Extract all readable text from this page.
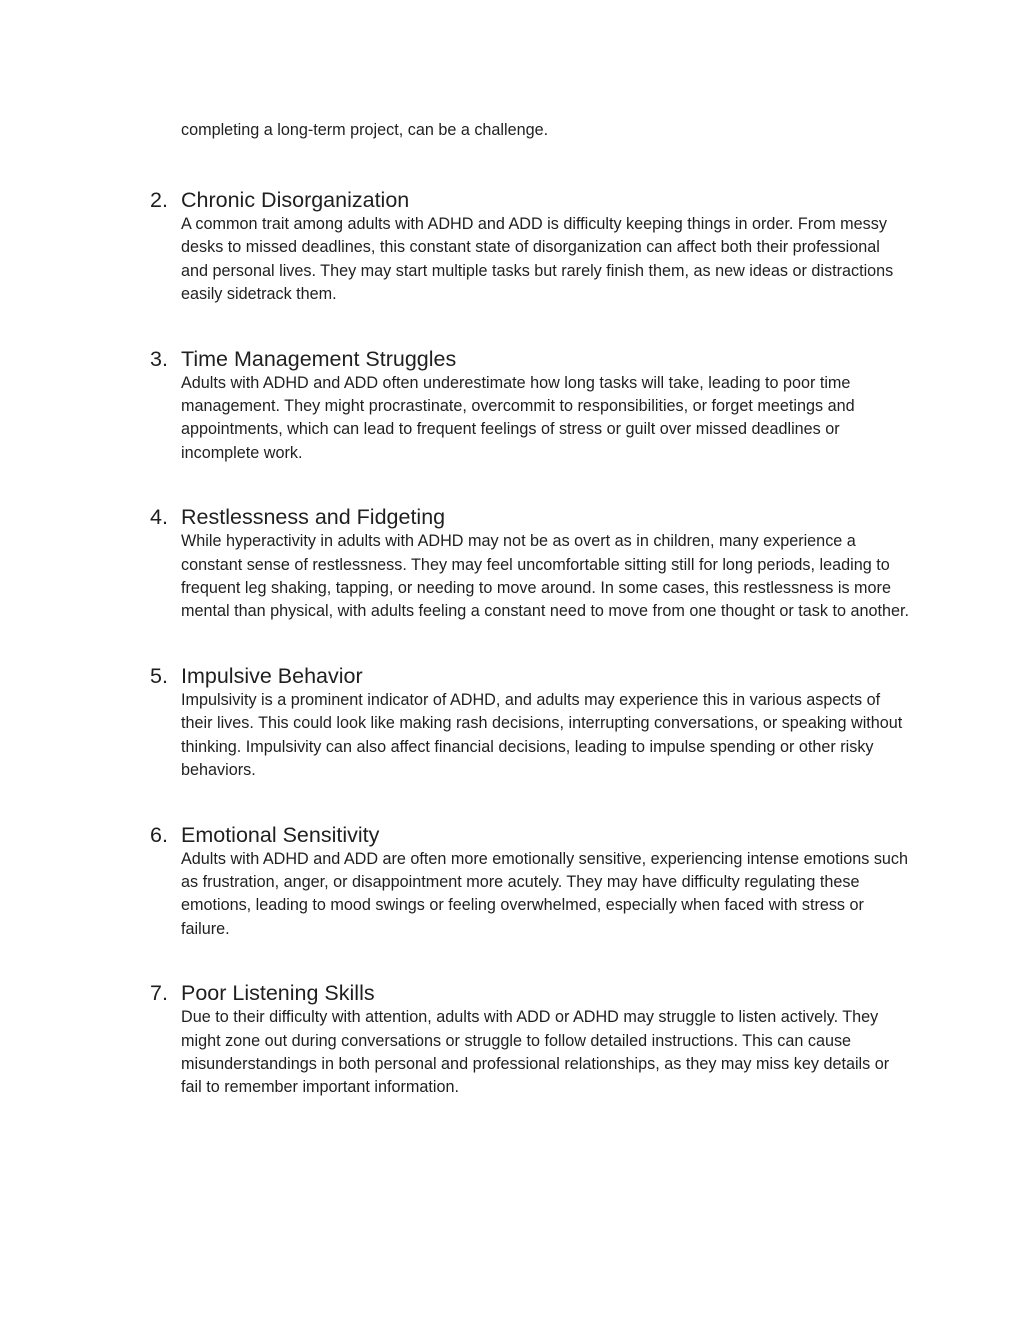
completing a long-term project, can be a challenge.

2. Chronic Disorganization

A common trait among adults with ADHD and ADD is difficulty keeping things in order. From messy desks to missed deadlines, this constant state of disorganization can affect both their professional and personal lives. They may start multiple tasks but rarely finish them, as new ideas or distractions easily sidetrack them.

3. Time Management Struggles

Adults with ADHD and ADD often underestimate how long tasks will take, leading to poor time management. They might procrastinate, overcommit to responsibilities, or forget meetings and appointments, which can lead to frequent feelings of stress or guilt over missed deadlines or incomplete work.

4. Restlessness and Fidgeting

While hyperactivity in adults with ADHD may not be as overt as in children, many experience a constant sense of restlessness. They may feel uncomfortable sitting still for long periods, leading to frequent leg shaking, tapping, or needing to move around. In some cases, this restlessness is more mental than physical, with adults feeling a constant need to move from one thought or task to another.

5. Impulsive Behavior

Impulsivity is a prominent indicator of ADHD, and adults may experience this in various aspects of their lives. This could look like making rash decisions, interrupting conversations, or speaking without thinking. Impulsivity can also affect financial decisions, leading to impulse spending or other risky behaviors.

6. Emotional Sensitivity

Adults with ADHD and ADD are often more emotionally sensitive, experiencing intense emotions such as frustration, anger, or disappointment more acutely. They may have difficulty regulating these emotions, leading to mood swings or feeling overwhelmed, especially when faced with stress or failure.

7. Poor Listening Skills

Due to their difficulty with attention, adults with ADD or ADHD may struggle to listen actively. They might zone out during conversations or struggle to follow detailed instructions. This can cause misunderstandings in both personal and professional relationships, as they may miss key details or fail to remember important information.
